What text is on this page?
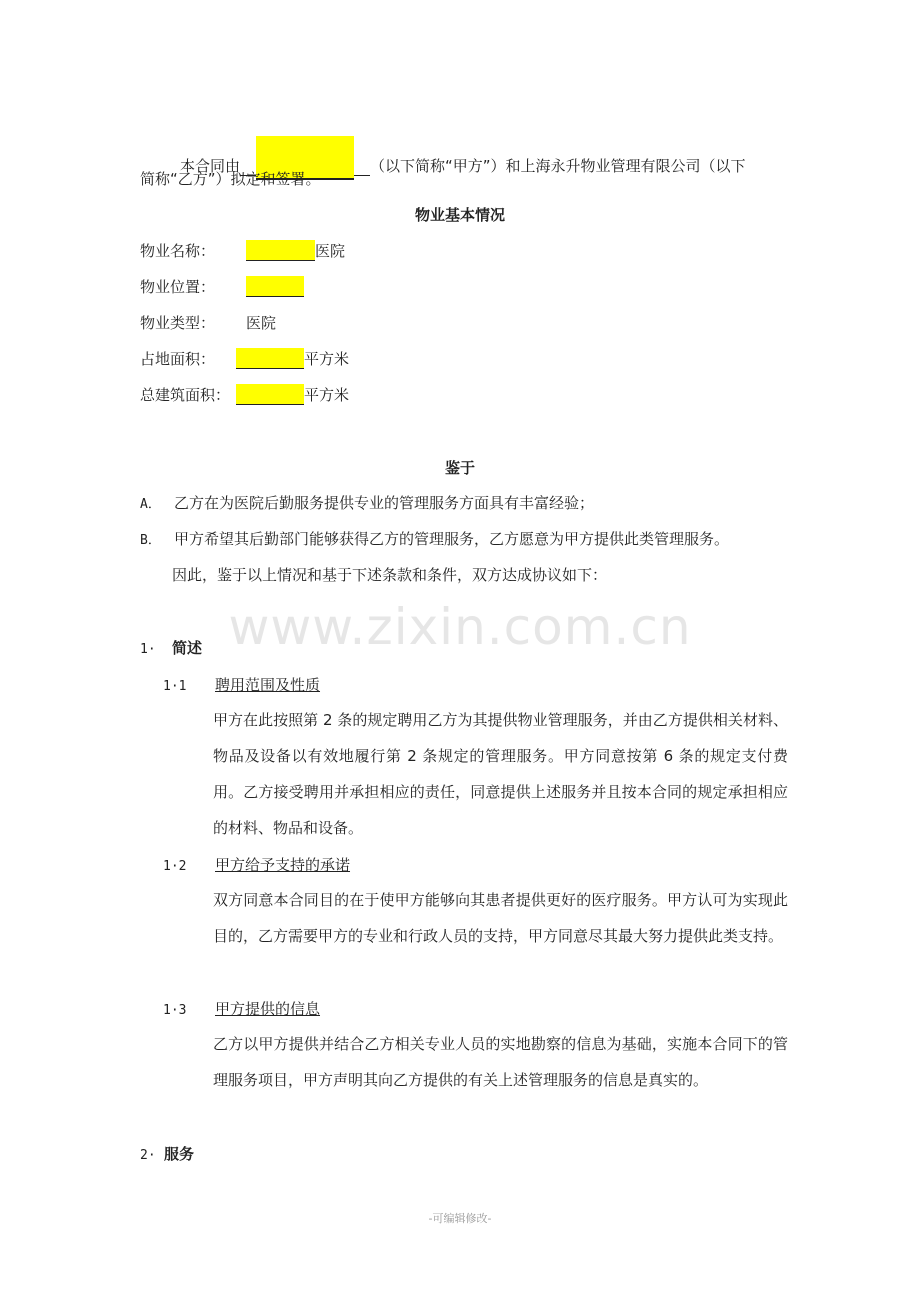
本合同由	（以下简称“甲方”）和上海永升物业管理有限公司（以下
简称“乙方”）拟定和签署。
物业基本情况
物业名称：	医院
物业位置：
物业类型： 医院
占地面积：	平方米
总建筑面积：	平方米
鉴于
A． 乙方在为医院后勤服务提供专业的管理服务方面具有丰富经验；
B． 甲方希望其后勤部门能够获得乙方的管理服务，乙方愿意为甲方提供此类管理服务。
因此，鉴于以上情况和基于下述条款和条件，双方达成协议如下：
www.zixin.com.cn
1· 简述
1·1 聘用范围及性质
甲方在此按照第 2 条的规定聘用乙方为其提供物业管理服务，并由乙方提供相关材料、物品及设备以有效地履行第 2 条规定的管理服务。甲方同意按第 6 条的规定支付费用。乙方接受聘用并承担相应的责任，同意提供上述服务并且按本合同的规定承担相应的材料、物品和设备。
1·2 甲方给予支持的承诺
双方同意本合同目的在于使甲方能够向其患者提供更好的医疗服务。甲方认可为实现此目的，乙方需要甲方的专业和行政人员的支持，甲方同意尽其最大努力提供此类支持。
1·3 甲方提供的信息
乙方以甲方提供并结合乙方相关专业人员的实地勘察的信息为基础，实施本合同下的管理服务项目，甲方声明其向乙方提供的有关上述管理服务的信息是真实的。
2· 服务
-可编辑修改-
